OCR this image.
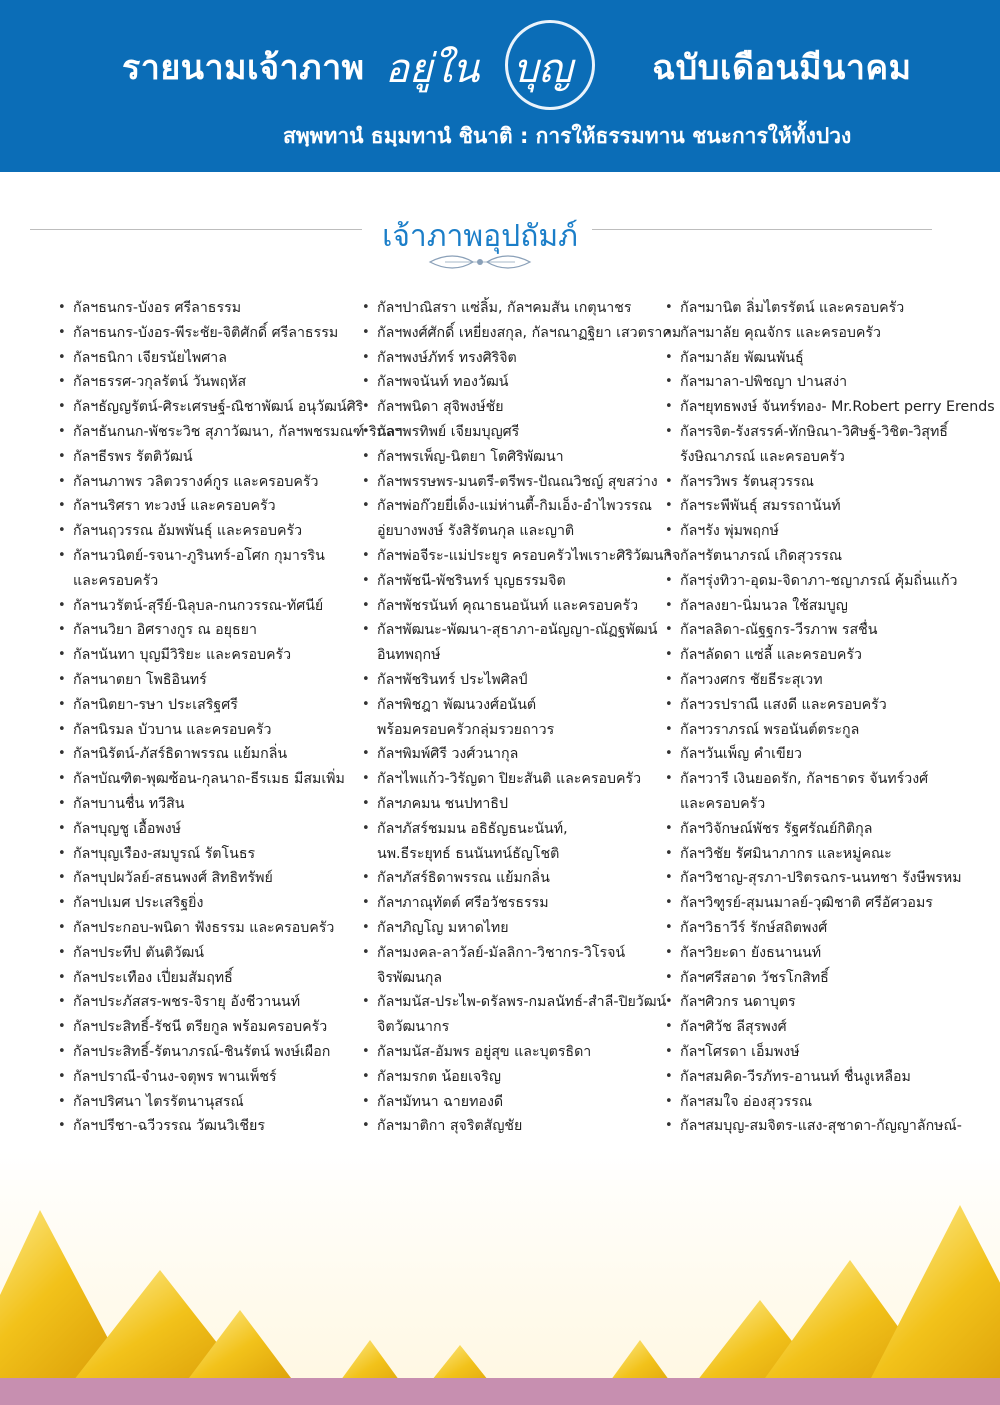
รายนามเจ้าภาพ อยู่ใน บุญ ฉบับเดือนมีนาคม
สพฺพทานํ ธมฺมทานํ ชินาติ : การให้ธรรมทาน ชนะการให้ทั้งปวง
เจ้าภาพอุปถัมภ์
• กัลฯธนกร-บังอร ศรีลาธรรม
• กัลฯธนกร-บังอร-พีระชัย-จิติศักดิ์ ศรีลาธรรม
• กัลฯธนิกา เจียรนัยไพศาล
• กัลฯธรรศ-วกุลรัตน์ วันพฤหัส
• กัลฯธัญญรัตน์-ศิระเศรษฐ์-ณิชาพัฒน์ อนุวัฒน์ศิริ
• กัลฯธันกนก-พัชระวิช สุภาวัฒนา, กัลฯพชรมณฑ์ รินลา
• กัลฯธีรพร รัตติวัฒน์
• กัลฯนภาพร วลิตวรางค์กูร และครอบครัว
• กัลฯนริศรา ทะวงษ์ และครอบครัว
• กัลฯนฤวรรณ อัมพพันธุ์ และครอบครัว
• กัลฯนวนิตย์-รจนา-ภูรินทร์-อโศก กุมารริน
และครอบครัว
• กัลฯนวรัตน์-สุรีย์-นิลุบล-กนกวรรณ-ทัศนีย์
• กัลฯนวิยา อิศรางกูร ณ อยุธยา
• กัลฯนันทา บุญมีวิริยะ และครอบครัว
• กัลฯนาตยา โพธิอินทร์
• กัลฯนิตยา-รษา ประเสริฐศรี
• กัลฯนิรมล บัวบาน และครอบครัว
• กัลฯนิรัตน์-ภัสร์ธิดาพรรณ แย้มกลิ่น
• กัลฯบัณฑิต-พุฒซ้อน-กุลนาถ-ธีรเมธ มีสมเพิ่ม
• กัลฯบานชื่น ทวีสิน
• กัลฯบุญชู เอื้อพงษ์
• กัลฯบุญเรือง-สมบูรณ์ รัตโนธร
• กัลฯบุปผวัลย์-สธนพงศ์ สิทธิทรัพย์
• กัลฯปเมศ ประเสริฐยิ่ง
• กัลฯประกอบ-พนิดา ฟังธรรม และครอบครัว
• กัลฯประทีป ตันติวัฒน์
• กัลฯประเทือง เปี่ยมสัมฤทธิ์
• กัลฯประภัสสร-พชร-จิรายุ อังชีวานนท์
• กัลฯประสิทธิ์-รัชนี ตรียกูล พร้อมครอบครัว
• กัลฯประสิทธิ์-รัตนาภรณ์-ชินรัตน์ พงษ์เผือก
• กัลฯปราณี-จำนง-จตุพร พานเพ็ชร์
• กัลฯปริศนา ไตรรัตนานุสรณ์
• กัลฯปรีชา-ฉวีวรรณ วัฒนวิเชียร
• กัลฯปาณิสรา แซ่ลิ้ม, กัลฯคมสัน เกตุนาชร
• กัลฯพงศ์ศักดิ์ เหยี่ยงสกุล, กัลฯณาฏฐิยา เสวตราคม
• กัลฯพงษ์ภัทร์ ทรงศิริจิต
• กัลฯพจนันท์ ทองวัฒน์
• กัลฯพนิดา สุจิพงษ์ชัย
• กัลฯพรทิพย์ เจียมบุญศรี
• กัลฯพรเพ็ญ-นิตยา โตศิริพัฒนา
• กัลฯพรรษพร-มนตรี-ตรีพร-ปัณณวิชญ์ สุขสว่าง
• กัลฯพ่อก๊วยยี่เด็ง-แม่ห่านตี้-กิมเอ็ง-อำไพวรรณ
อู่ยบางพงษ์ รังสิรัตนกุล และญาติ
• กัลฯพ่อจีระ-แม่ประยูร ครอบครัวไพเราะศิริวัฒนกิจ
• กัลฯพัชนี-พัชรินทร์ บุญธรรมจิต
• กัลฯพัชรนันท์ คุณาธนอนันท์ และครอบครัว
• กัลฯพัฒนะ-พัฒนา-สุธาภา-อนัญญา-ณัฏฐพัฒน์
อินทพฤกษ์
• กัลฯพัชรินทร์ ประไพศิลป์
• กัลฯพิชฎา พัฒนวงศ์อนันต์
พร้อมครอบครัวกลุ่มรวยถาวร
• กัลฯพิมพ์ศิรี วงศ์วนากุล
• กัลฯไพแก้ว-วิรัญดา ปิยะสันติ และครอบครัว
• กัลฯภคมน ชนปทาธิป
• กัลฯภัสร์ชมมน อธิธัญธนะนันท์,
นพ.ธีระยุทธ์ ธนนันทน์ธัญโชติ
• กัลฯภัสร์ธิดาพรรณ แย้มกลิ่น
• กัลฯภาณุทัตต์ ศรีอวัชรธรรม
• กัลฯภิญโญ มหาดไทย
• กัลฯมงคล-ลาวัลย์-มัลลิกา-วิชากร-วิโรจน์
จิรพัฒนกุล
• กัลฯมนัส-ประไพ-ดรัลพร-กมลนัทธ์-สำลี-ปิยวัฒน์
จิตวัฒนากร
• กัลฯมนัส-อัมพร อยู่สุข และบุตรธิดา
• กัลฯมรกต น้อยเจริญ
• กัลฯมัทนา ฉายทองดี
• กัลฯมาติกา สุจริตสัญชัย
• กัลฯมานิต ลิ่มไตรรัตน์ และครอบครัว
• กัลฯมาลัย คุณจักร และครอบครัว
• กัลฯมาลัย พัฒนพันธุ์
• กัลฯมาลา-ปพิชญา ปานสง่า
• กัลฯยุทธพงษ์ จันทร์ทอง- Mr.Robert perry Erends
• กัลฯรจิต-รังสรรค์-ทักษิณา-วิศิษฐ์-วิชิต-วิสุทธิ์
รังษิณาภรณ์ และครอบครัว
• กัลฯรวิพร รัตนสุวรรณ
• กัลฯระพีพันธุ์ สมรรถานันท์
• กัลฯรัง พุ่มพฤกษ์
• กัลฯรัตนาภรณ์ เกิดสุวรรณ
• กัลฯรุ่งทิวา-อุดม-จิดาภา-ชญาภรณ์ คุ้มถิ่นแก้ว
• กัลฯลงยา-นิ่มนวล ใช้สมบูญ
• กัลฯลลิดา-ณัฐฐกร-วีรภาพ รสชื่น
• กัลฯลัดดา แซ่ลี้ และครอบครัว
• กัลฯวงศกร ชัยธีระสุเวท
• กัลฯวรปราณี แสงดี และครอบครัว
• กัลฯวราภรณ์ พรอนันต์ตระกูล
• กัลฯวันเพ็ญ คำเขียว
• กัลฯวารี เงินยอดรัก, กัลฯธาดร จันทร์วงศ์
และครอบครัว
• กัลฯวิจักษณ์พัชร รัฐศรัณย์กิติกุล
• กัลฯวิชัย รัศมินาภากร และหมู่คณะ
• กัลฯวิชาญ-สุรภา-ปริตรฉกร-นนทชา รังษีพรหม
• กัลฯวิฑูรย์-สุมนมาลย์-วุฒิชาติ ศรีอัศวอมร
• กัลฯวิธาวีร์ รักษ์สถิตพงศ์
• กัลฯวิยะดา ยังธนานนท์
• กัลฯศรีสอาด วัชรโกสิทธิ์
• กัลฯศิวกร นดาบุตร
• กัลฯศิวัช ลีสุรพงศ์
• กัลฯโศรดา เอ็มพงษ์
• กัลฯสมคิด-วีรภัทร-อานนท์ ชื่นงูเหลือม
• กัลฯสมใจ อ่องสุวรรณ
• กัลฯสมบุญ-สมจิตร-แสง-สุชาดา-กัญญาลักษณ์-
